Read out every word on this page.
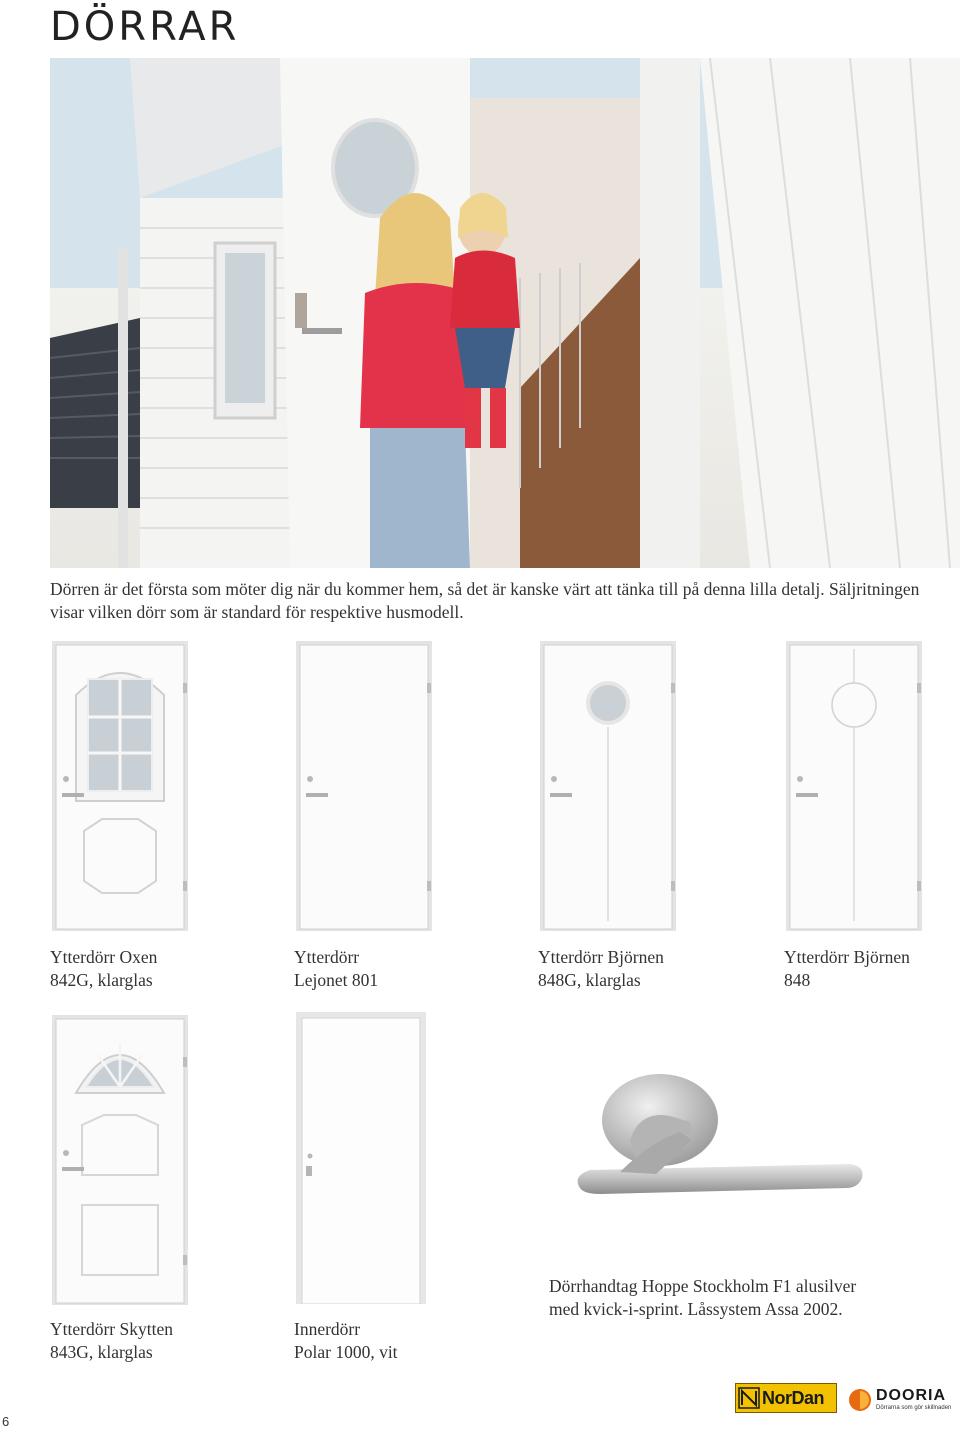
DÖRRAR

Dörren är det första som möter dig när du kommer hem, så det är kanske värt att tänka till på denna lilla detalj. Säljritningen visar vilken dörr som är standard för respektive husmodell.

Ytterdörr Oxen
842G, klarglas
Ytterdörr
Lejonet 801
Ytterdörr Björnen
848G, klarglas
Ytterdörr Björnen
848
Ytterdörr Skytten
843G, klarglas
Innerdörr
Polar 1000, vit
Dörrhandtag Hoppe Stockholm F1 alusilver
med kvick-i-sprint. Låssystem Assa 2002.
6
NorDan	DOORIA
Dörrarna som gör skillnaden
